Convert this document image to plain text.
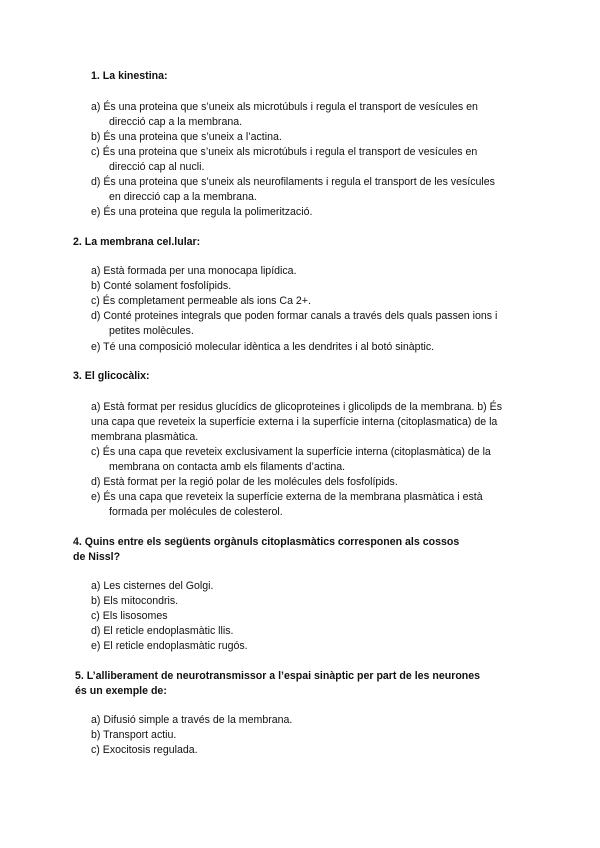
1. La kinestina:
a) És una proteina que s’uneix als microtúbuls i regula el transport de vesícules en
direcció cap a la membrana.
b) És una proteina que s’uneix a l’actina.
c) És una proteina que s’uneix als microtúbuls i regula el transport de vesícules en
direcció cap al nucli.
d) És una proteina que s’uneix als neurofilaments i regula el transport de les vesícules
en direcció cap a la membrana.
e) És una proteina que regula la polimerització.
2. La membrana cel.lular:
a) Està formada per una monocapa lipídica.
b) Conté solament fosfolípids.
c) És completament permeable als ions Ca 2+.
d) Conté proteines integrals que poden formar canals a través dels quals passen ions i
petites molècules.
e) Té una composició molecular idèntica a les dendrites i al botó sinàptic.
3. El glicocàlix:
a) Està format per residus glucídics de glicoproteines i glicolipds de la membrana. b) És
una capa que reveteix la superfície externa i la superfície interna (citoplasmatica) de la
membrana plasmàtica.
c) És una capa que reveteix exclusivament la superfície interna (citoplasmàtica) de la
membrana on contacta amb els filaments d’actina.
d) Està format per la regió polar de les molécules dels fosfolípids.
e) És una capa que reveteix la superfície externa de la membrana plasmàtica i està
formada per molécules de colesterol.
4. Quins entre els següents orgànuls citoplasmàtics corresponen als cossos
de Nissl?
a) Les cisternes del Golgi.
b) Els mitocondris.
c) Els lisosomes
d) El reticle endoplasmàtic llis.
e) El reticle endoplasmàtic rugós.
5. L’alliberament de neurotransmissor a l’espai sinàptic per part de les neurones
és un exemple de:
a) Difusió simple a través de la membrana.
b) Transport actiu.
c) Exocitosis regulada.
